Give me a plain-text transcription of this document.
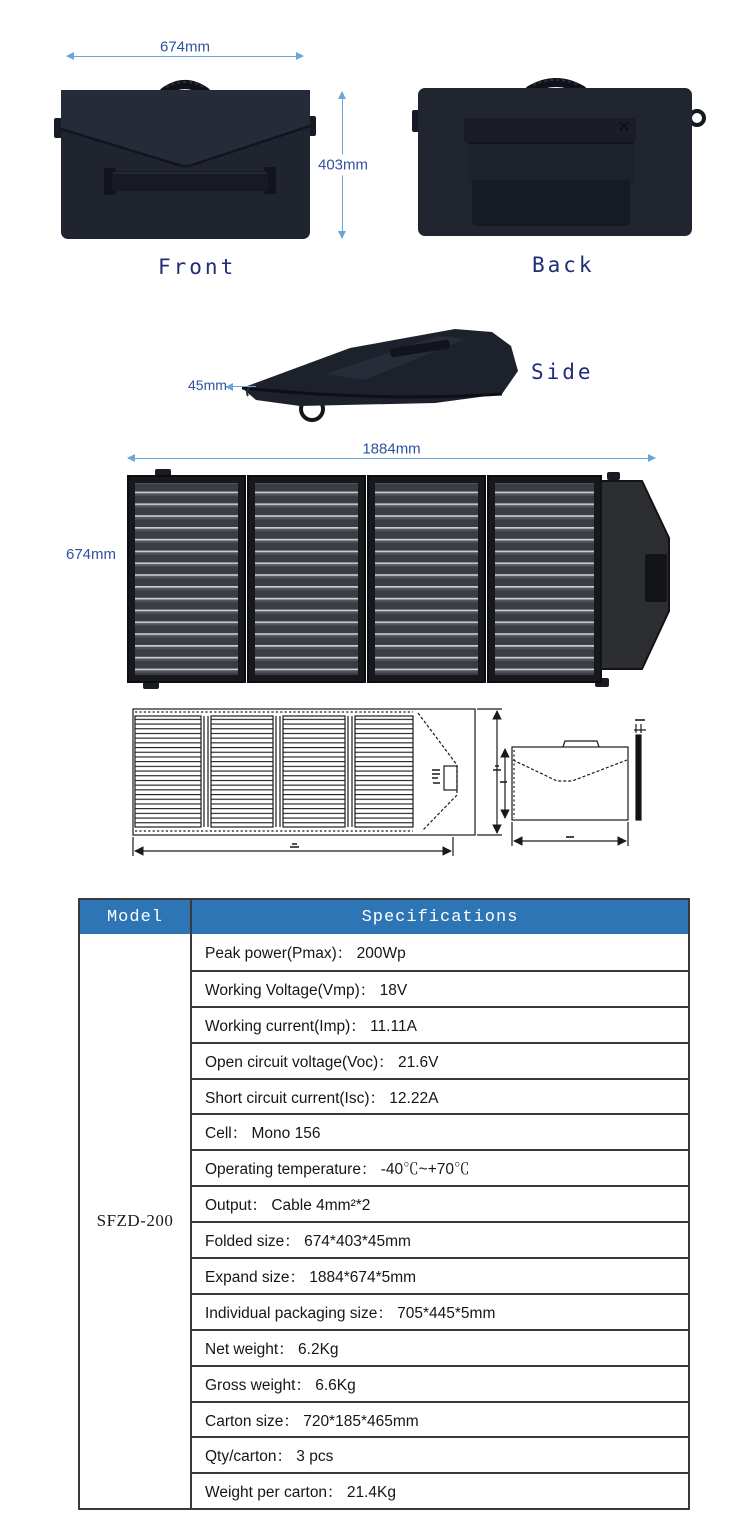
674mm
403mm
Front	Back
45mm
Side
1884mm
674mm
Model	Specifications
SFZD-200
Peak power(Pmax)： 200Wp
Working Voltage(Vmp)： 18V
Working current(Imp)： 11.11A
Open circuit voltage(Voc)： 21.6V
Short circuit current(Isc)： 12.22A
Cell： Mono 156
Operating temperature： -40℃~+70℃
Output： Cable 4mm²*2
Folded size： 674*403*45mm
Expand size： 1884*674*5mm
Individual packaging size： 705*445*5mm
Net weight： 6.2Kg
Gross weight： 6.6Kg
Carton size： 720*185*465mm
Qty/carton： 3 pcs
Weight per carton： 21.4Kg
